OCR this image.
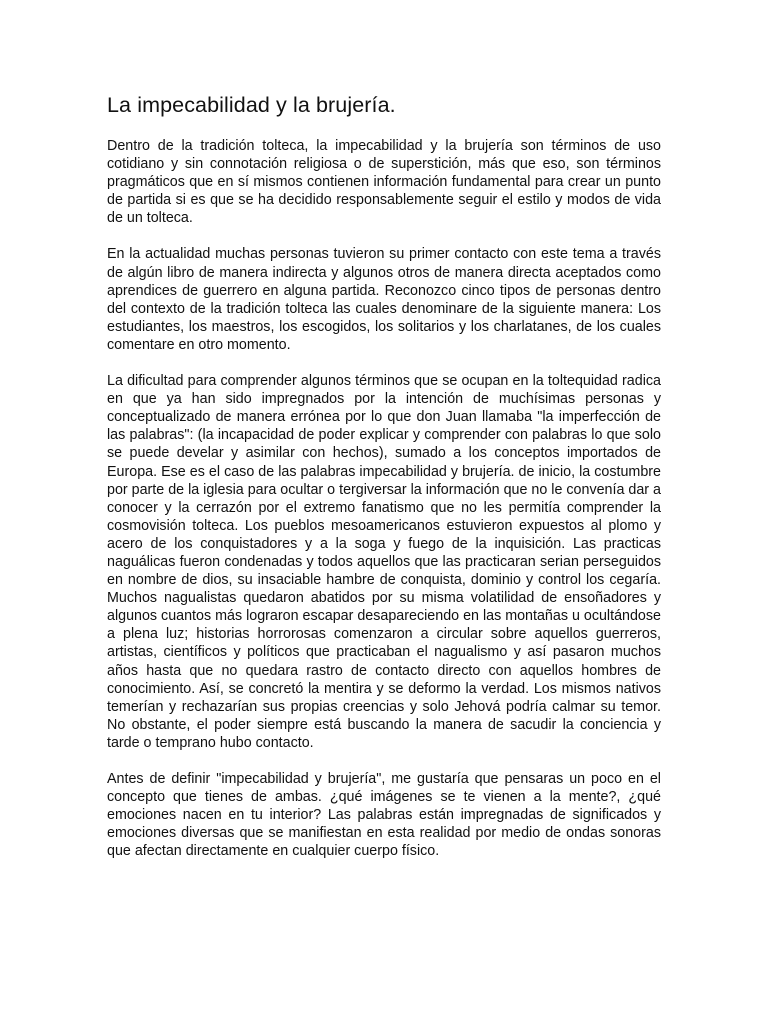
La impecabilidad y la brujería.

Dentro de la tradición tolteca, la impecabilidad y la brujería son términos de uso cotidiano y sin connotación religiosa o de superstición, más que eso, son términos pragmáticos que en sí mismos contienen información fundamental para crear un punto de partida si es que se ha decidido responsablemente seguir el estilo y modos de vida de un tolteca.

En la actualidad muchas personas tuvieron su primer contacto con este tema a través de algún libro de manera indirecta y algunos otros de manera directa aceptados como aprendices de guerrero en alguna partida. Reconozco cinco tipos de personas dentro del contexto de la tradición tolteca las cuales denominare de la siguiente manera: Los estudiantes, los maestros, los escogidos, los solitarios y los charlatanes, de los cuales comentare en otro momento.

La dificultad para comprender algunos términos que se ocupan en la toltequidad radica en que ya han sido impregnados por la intención de muchísimas personas y conceptualizado de manera errónea por lo que don Juan llamaba "la imperfección de las palabras": (la incapacidad de poder explicar y comprender con palabras lo que solo se puede develar y asimilar con hechos), sumado a los conceptos importados de Europa. Ese es el caso de las palabras impecabilidad y brujería. de inicio, la costumbre por parte de la iglesia para ocultar o tergiversar la información que no le convenía dar a conocer y la cerrazón por el extremo fanatismo que no les permitía comprender la cosmovisión tolteca. Los pueblos mesoamericanos estuvieron expuestos al plomo y acero de los conquistadores y a la soga y fuego de la inquisición. Las practicas naguálicas fueron condenadas y todos aquellos que las practicaran serian perseguidos en nombre de dios, su insaciable hambre de conquista, dominio y control los cegaría. Muchos nagualistas quedaron abatidos por su misma volatilidad de ensoñadores y algunos cuantos más lograron escapar desapareciendo en las montañas u ocultándose a plena luz; historias horrorosas comenzaron a circular sobre aquellos guerreros, artistas, científicos y políticos que practicaban el nagualismo y así pasaron muchos años hasta que no quedara rastro de contacto directo con aquellos hombres de conocimiento. Así, se concretó la mentira y se deformo la verdad. Los mismos nativos temerían y rechazarían sus propias creencias y solo Jehová podría calmar su temor. No obstante, el poder siempre está buscando la manera de sacudir la conciencia y tarde o temprano hubo contacto.

Antes de definir "impecabilidad y brujería", me gustaría que pensaras un poco en el concepto que tienes de ambas. ¿qué imágenes se te vienen a la mente?, ¿qué emociones nacen en tu interior? Las palabras están impregnadas de significados y emociones diversas que se manifiestan en esta realidad por medio de ondas sonoras que afectan directamente en cualquier cuerpo físico.
